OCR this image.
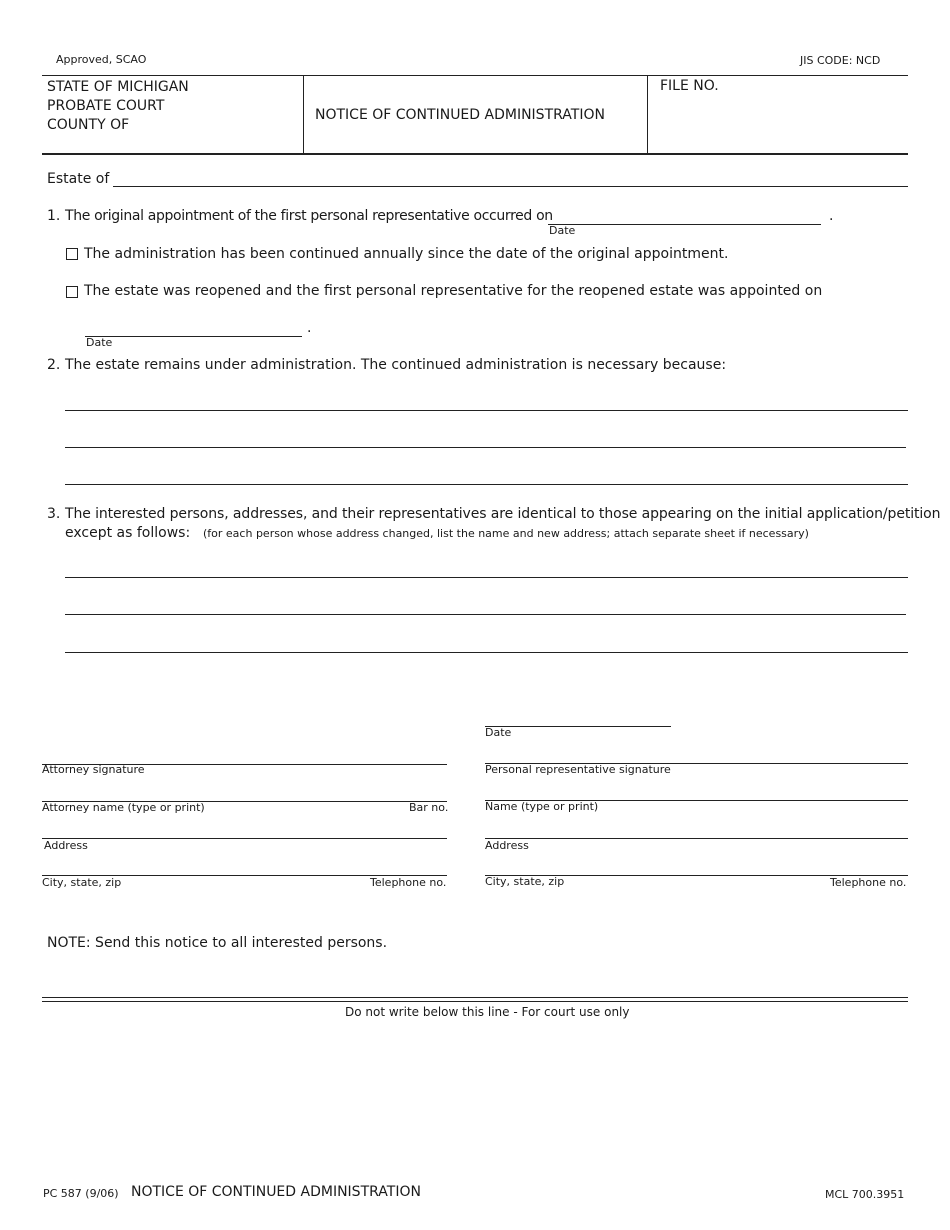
Approved, SCAO	JIS CODE: NCD
STATE OF MICHIGAN
PROBATE COURT
COUNTY OF
NOTICE OF CONTINUED ADMINISTRATION
FILE NO.
Estate of
1. The original appointment of the first personal representative occurred on
Date
.
The administration has been continued annually since the date of the original appointment.
The estate was reopened and the first personal representative for the reopened estate was appointed on
.
Date
2. The estate remains under administration. The continued administration is necessary because:
3. The interested persons, addresses, and their representatives are identical to those appearing on the initial application/petition
except as follows: (for each person whose address changed, list the name and new address; attach separate sheet if necessary)
Date
Attorney signature	Personal representative signature
Attorney name (type or print)	Bar no.	Name (type or print)
Address	Address
City, state, zip	Telephone no.	City, state, zip	Telephone no.
NOTE: Send this notice to all interested persons.
Do not write below this line - For court use only
PC 587 (9/06) NOTICE OF CONTINUED ADMINISTRATION	MCL 700.3951
